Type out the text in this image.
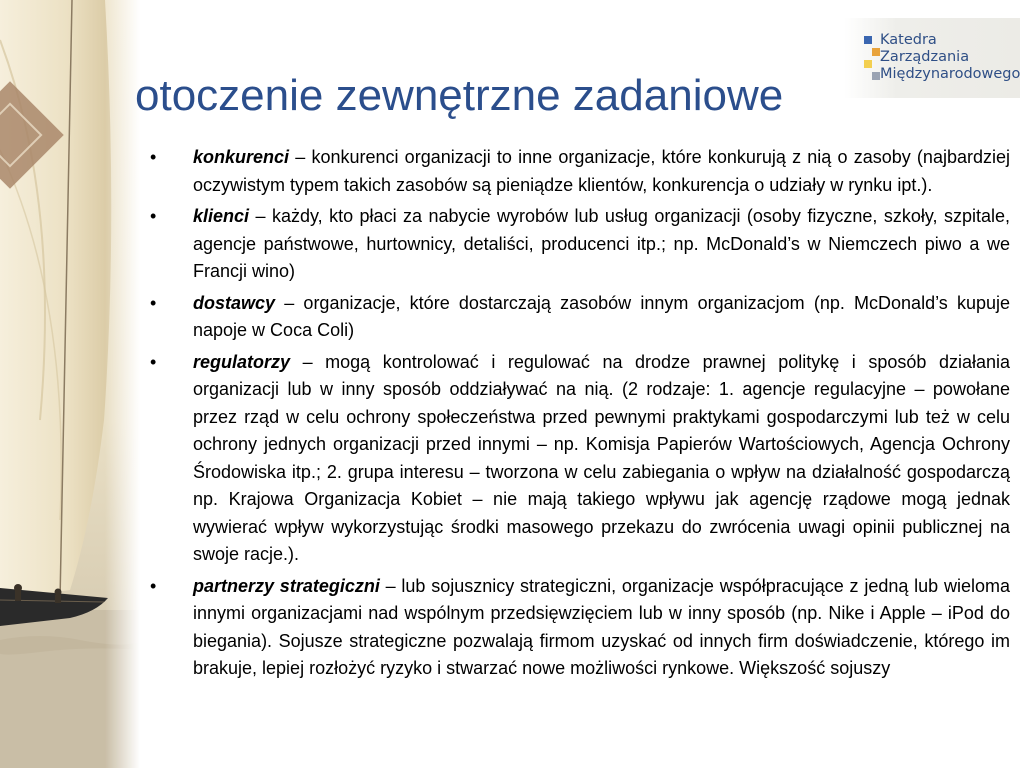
Katedra
Zarządzania
Międzynarodowego
otoczenie zewnętrzne zadaniowe
•	konkurenci – konkurenci organizacji to inne organizacje, które konkurują z nią o zasoby (najbardziej oczywistym typem takich zasobów są pieniądze klientów, konkurencja o udziały w rynku ipt.).
•	klienci – każdy, kto płaci za nabycie wyrobów lub usług organizacji (osoby fizyczne, szkoły, szpitale, agencje państwowe, hurtownicy, detaliści, producenci itp.; np. McDonald’s w Niemczech piwo a we Francji wino)
•	dostawcy – organizacje, które dostarczają zasobów innym organizacjom (np. McDonald’s kupuje napoje w Coca Coli)
•	regulatorzy – mogą kontrolować i regulować na drodze prawnej politykę i sposób działania organizacji lub w inny sposób oddziaływać na nią. (2 rodzaje: 1. agencje regulacyjne – powołane przez rząd w celu ochrony społeczeństwa przed pewnymi praktykami gospodarczymi lub też w celu ochrony jednych organizacji przed innymi – np. Komisja Papierów Wartościowych, Agencja Ochrony Środowiska itp.; 2. grupa interesu – tworzona w celu zabiegania o wpływ na działalność gospodarczą np. Krajowa Organizacja Kobiet – nie mają takiego wpływu jak agencję rządowe mogą jednak wywierać wpływ wykorzystując środki masowego przekazu do zwrócenia uwagi opinii publicznej na swoje racje.).
•	partnerzy strategiczni – lub sojusznicy strategiczni, organizacje współpracujące z jedną lub wieloma innymi organizacjami nad wspólnym przedsięwzięciem lub w inny sposób (np. Nike i Apple – iPod do biegania). Sojusze strategiczne pozwalają firmom uzyskać od innych firm doświadczenie, którego im brakuje, lepiej rozłożyć ryzyko i stwarzać nowe możliwości rynkowe. Większość sojuszy
